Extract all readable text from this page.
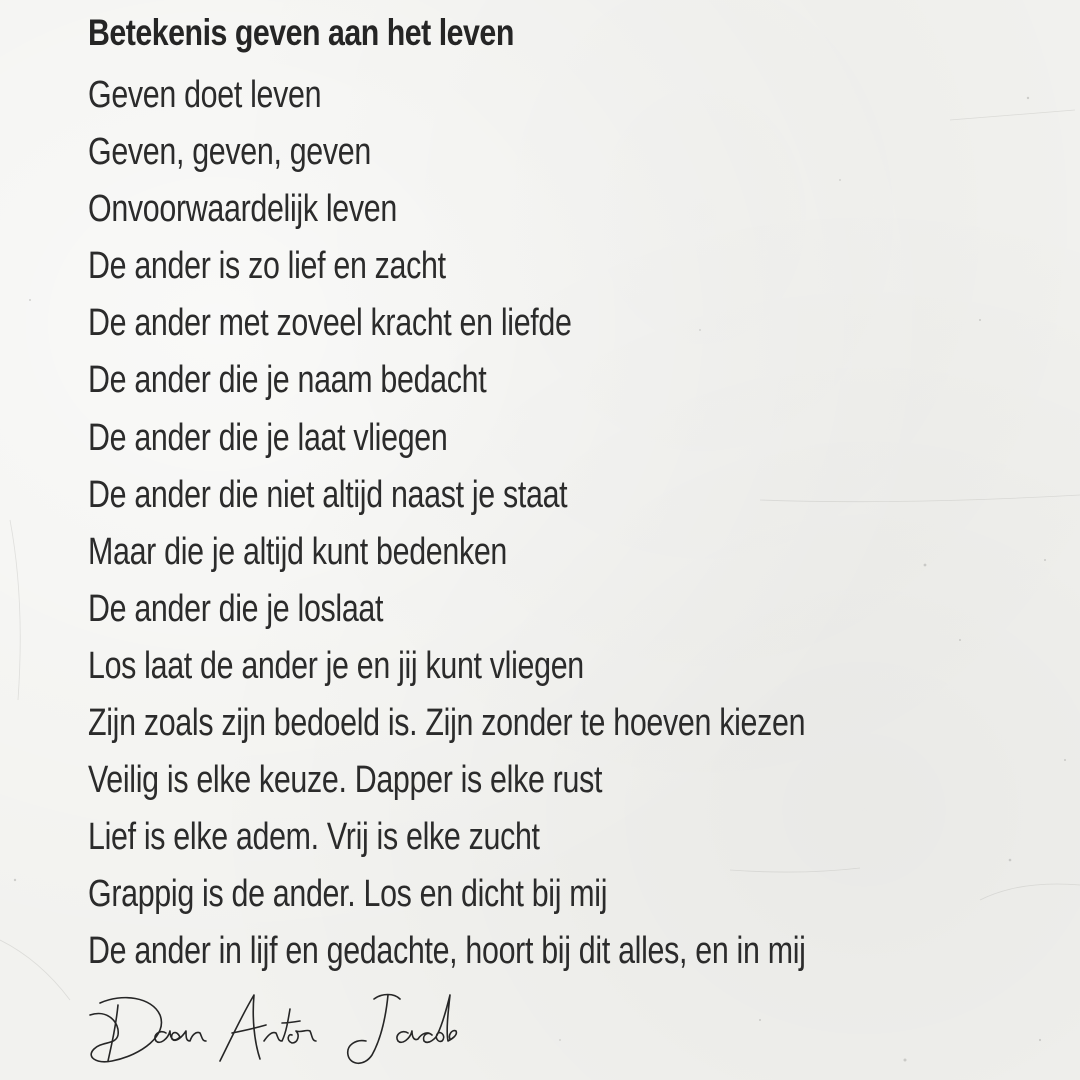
Betekenis geven aan het leven
Geven doet leven
Geven, geven, geven
Onvoorwaardelijk leven
De ander is zo lief en zacht
De ander met zoveel kracht en liefde
De ander die je naam bedacht
De ander die je laat vliegen
De ander die niet altijd naast je staat
Maar die je altijd kunt bedenken
De ander die je loslaat
Los laat de ander je en jij kunt vliegen
Zijn zoals zijn bedoeld is. Zijn zonder te hoeven kiezen
Veilig is elke keuze. Dapper is elke rust
Lief is elke adem. Vrij is elke zucht
Grappig is de ander. Los en dicht bij mij
De ander in lijf en gedachte, hoort bij dit alles, en in mij
